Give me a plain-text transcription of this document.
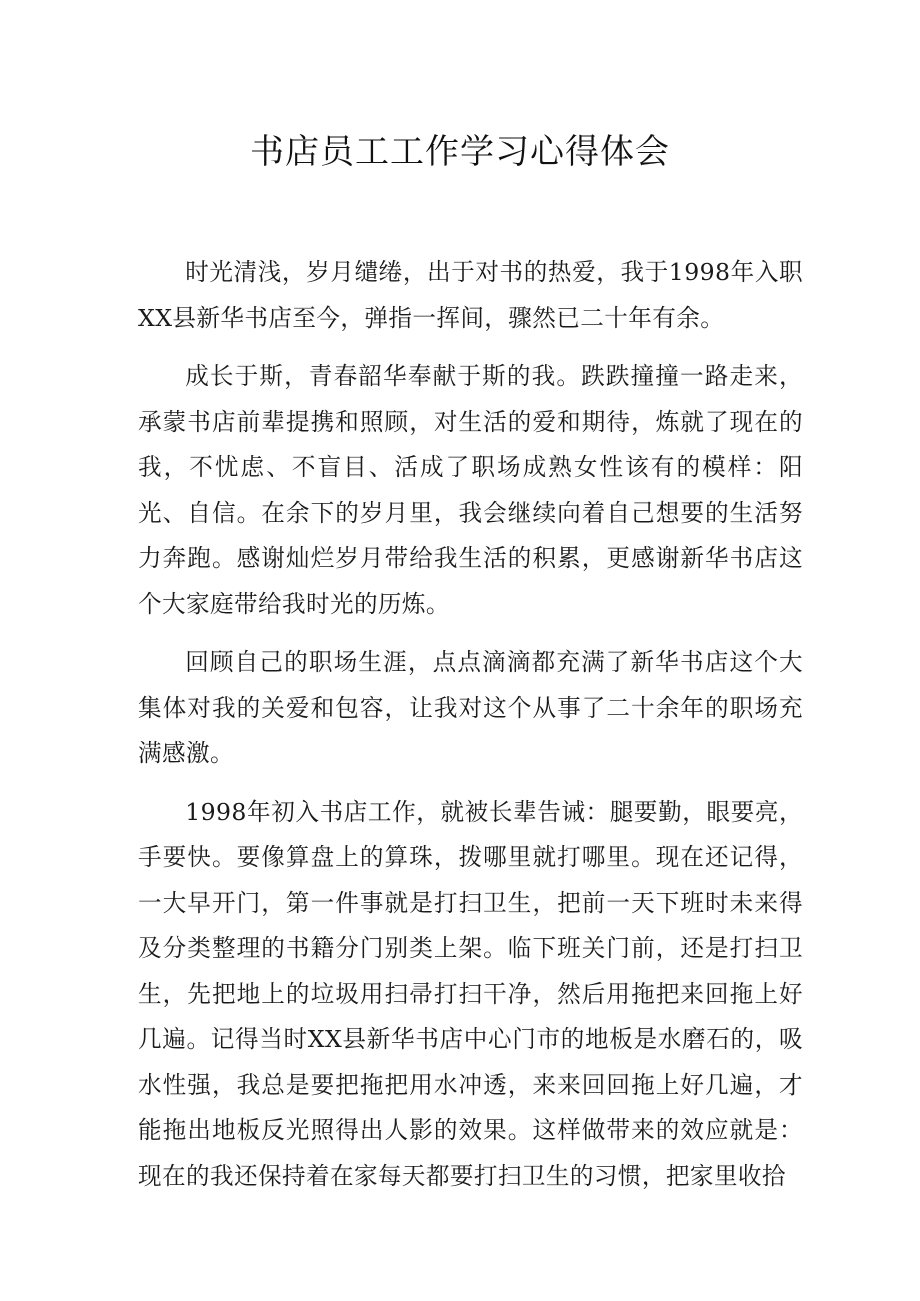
书店员工工作学习心得体会

时光清浅，岁月缱绻，出于对书的热爱，我于1998年入职XX县新华书店至今，弹指一挥间，骤然已二十年有余。

成长于斯，青春韶华奉献于斯的我。跌跌撞撞一路走来，承蒙书店前辈提携和照顾，对生活的爱和期待，炼就了现在的我，不忧虑、不盲目、活成了职场成熟女性该有的模样：阳光、自信。在余下的岁月里，我会继续向着自己想要的生活努力奔跑。感谢灿烂岁月带给我生活的积累，更感谢新华书店这个大家庭带给我时光的历炼。

回顾自己的职场生涯，点点滴滴都充满了新华书店这个大集体对我的关爱和包容，让我对这个从事了二十余年的职场充满感激。

1998年初入书店工作，就被长辈告诫：腿要勤，眼要亮，手要快。要像算盘上的算珠，拨哪里就打哪里。现在还记得，一大早开门，第一件事就是打扫卫生，把前一天下班时未来得及分类整理的书籍分门别类上架。临下班关门前，还是打扫卫生，先把地上的垃圾用扫帚打扫干净，然后用拖把来回拖上好几遍。记得当时XX县新华书店中心门市的地板是水磨石的，吸水性强，我总是要把拖把用水冲透，来来回回拖上好几遍，才能拖出地板反光照得出人影的效果。这样做带来的效应就是：现在的我还保持着在家每天都要打扫卫生的习惯，把家里收拾
